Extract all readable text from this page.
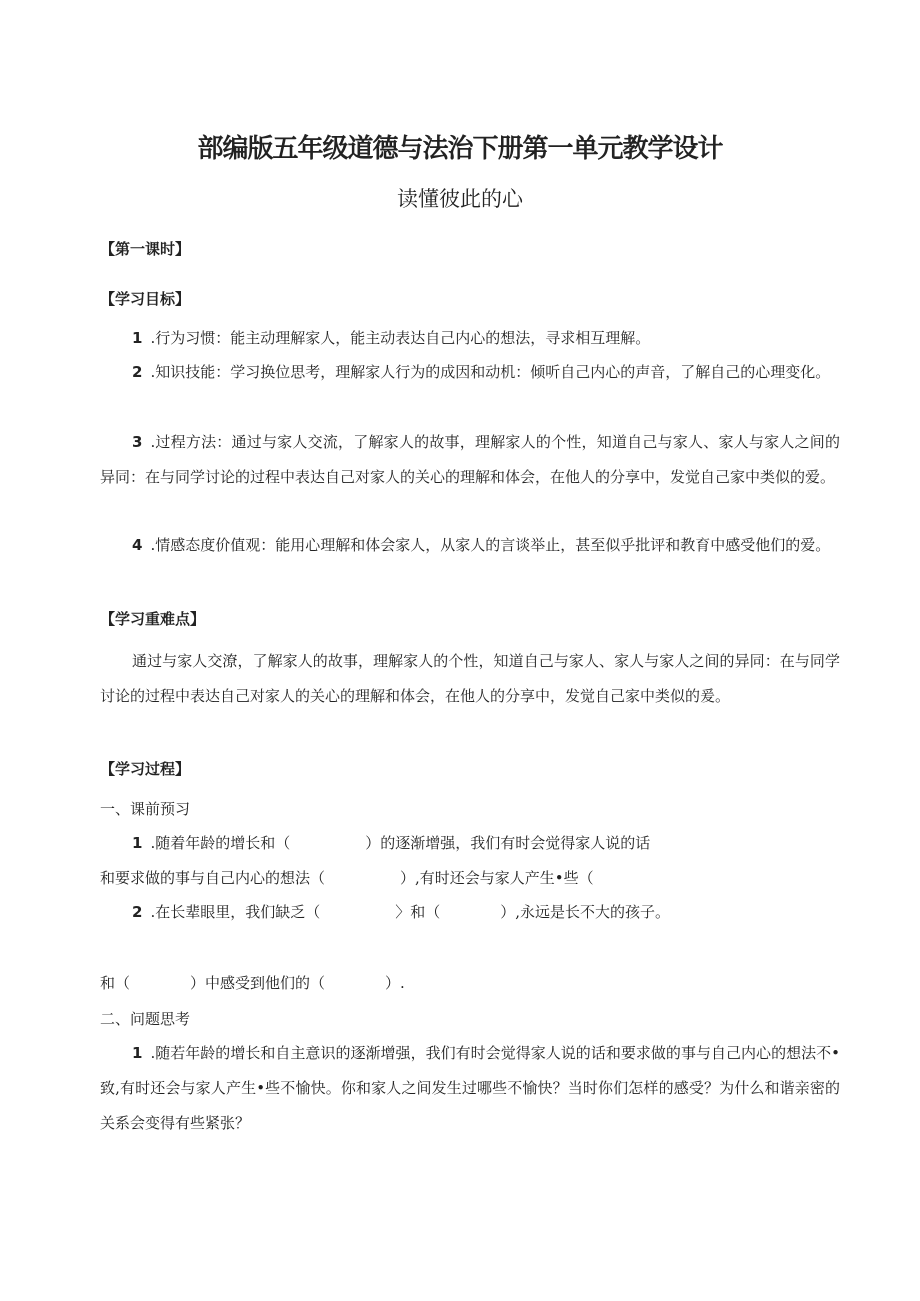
部编版五年级道德与法治下册第一单元教学设计
读懂彼此的心
【第一课时】
【学习目标】
1 .行为习惯：能主动理解家人，能主动表达自己内心的想法，寻求相互理解。
2 .知识技能：学习换位思考，理解家人行为的成因和动机：倾听自己内心的声音，了解自己的心理变化。
3 .过程方法：通过与家人交流，了解家人的故事，理解家人的个性，知道自己与家人、家人与家人之间的异同：在与同学讨论的过程中表达自己对家人的关心的理解和体会，在他人的分享中，发觉自己家中类似的爱。
4 .情感态度价值观：能用心理解和体会家人，从家人的言谈举止，甚至似乎批评和教育中感受他们的爱。
【学习重难点】
通过与家人交潦，了解家人的故事，理解家人的个性，知道自己与家人、家人与家人之间的异同：在与同学讨论的过程中表达自己对家人的关心的理解和体会，在他人的分享中，发觉自己家中类似的爰。
【学习过程】
一、课前预习
1 .随着年龄的增长和（　　　　　）的逐渐增强，我们有时会觉得家人说的话
和要求做的事与自己内心的想法（　　　　　）,有时还会与家人产生•些（
2 .在长辈眼里，我们缺乏（　　　　　〉和（　　　　）,永远是长不大的孩子。
和（　　　　）中感受到他们的（　　　　）.
二、问题思考
1 .随若年龄的增长和自主意识的逐渐增强，我们有时会觉得家人说的话和要求做的事与自己内心的想法不•致,有时还会与家人产生•些不愉快。你和家人之间发生过哪些不愉快？当时你们怎样的感受？为什么和谐亲密的关系会变得有些紧张？
